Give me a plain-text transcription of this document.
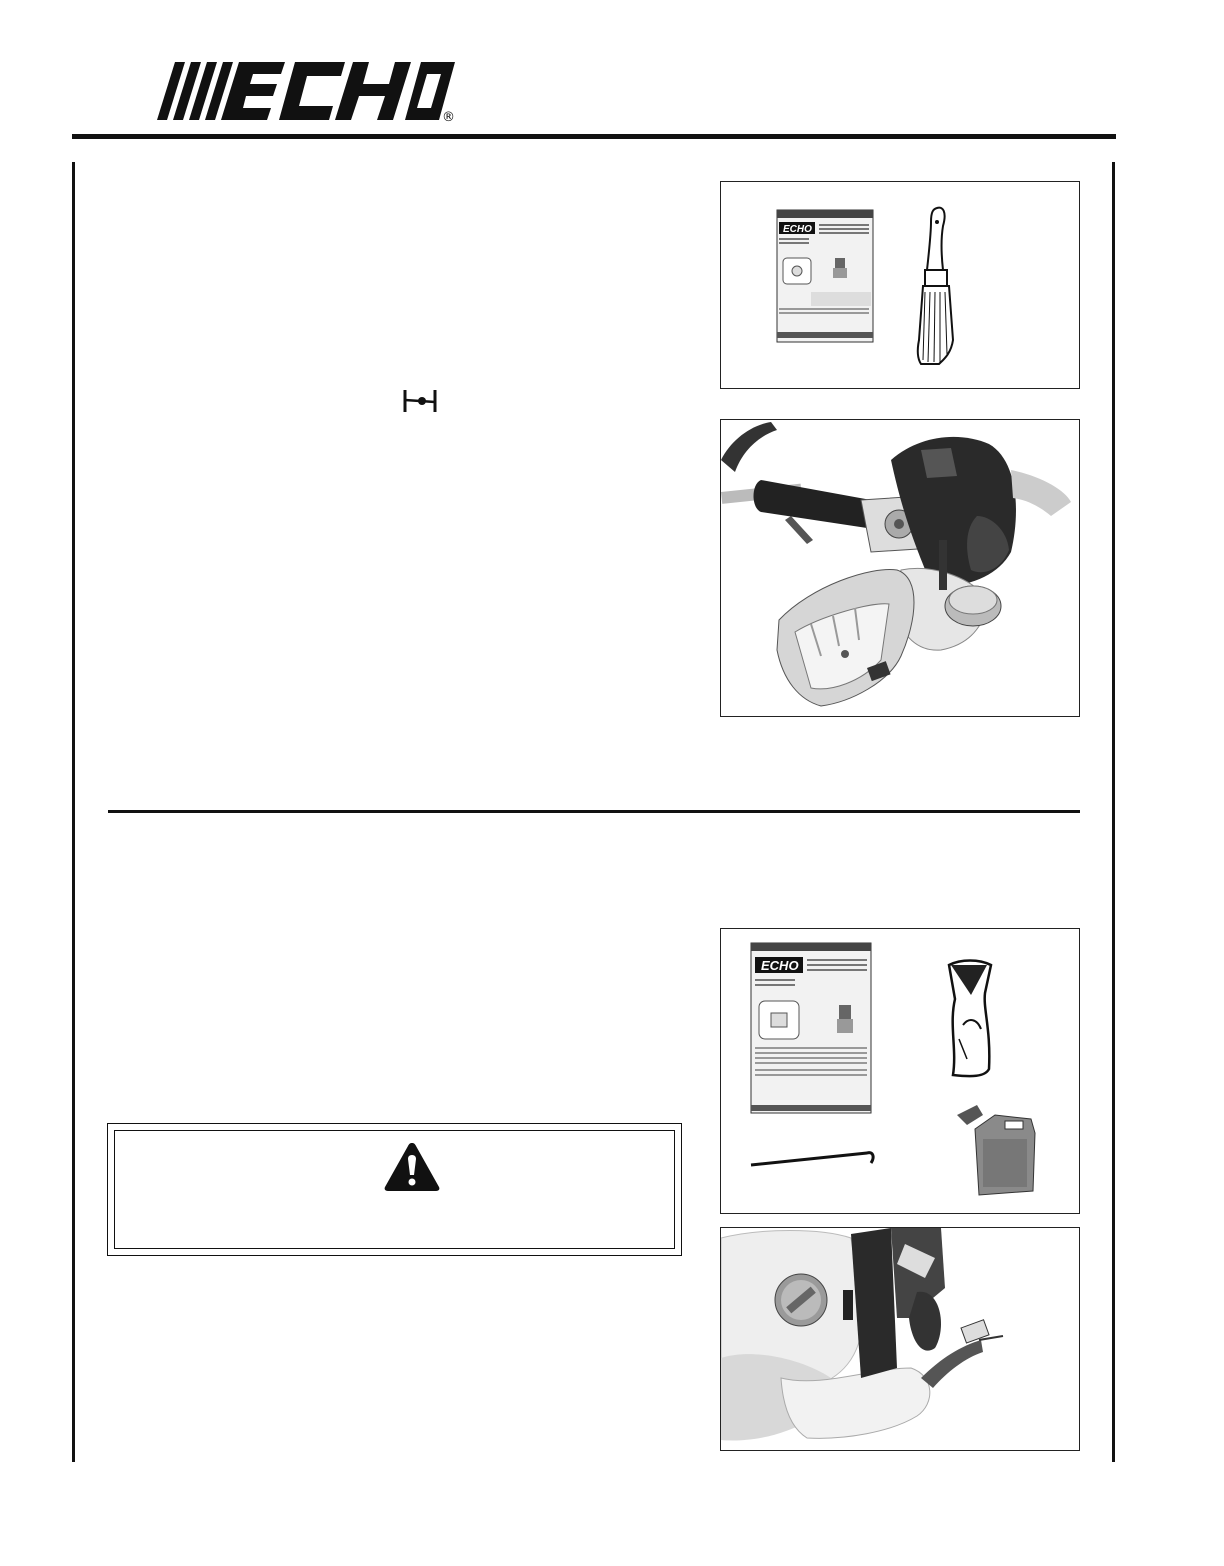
®
ECHO
ECHO
